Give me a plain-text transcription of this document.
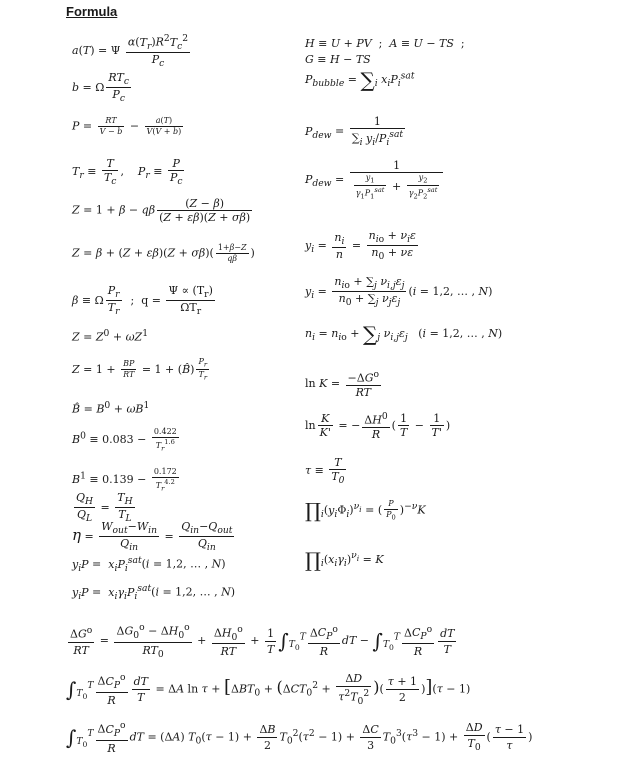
Formula
a(T) = Ψ $\frac{\alpha(T_r)R^2T_c^2}{P_c}$
b = Ω $\frac{RT_c}{P_c}$
$P = \frac{RT}{V - b} - \frac{a(T)}{V(V + b)}$
$T_r \equiv \frac{T}{T_c}$ ,    $P_r \equiv \frac{P}{P_c}$
Z = 1 + β − qβ $\frac{(Z - \beta)}{(Z + \varepsilon\beta)(Z + \sigma\beta)}$
$Z = \beta + (Z + \varepsilon\beta)(Z + \sigma\beta)( \frac{1+\beta-Z}{q\beta}$ )
β ≡ Ω $\frac{P_r}{T_r}$ ;  $q = \frac{\Psi \propto (T_r)}{\Omega T_r}$
$Z = Z^0 + \omega Z^1$
$Z = 1 + \frac{BP}{RT} = 1$ + (B̂) $\frac{P_r}{T_r}$
B̂ = $B^0 + \omega B^1$
$B^0 \equiv 0.083 - \frac{0.422}{T_r^{1.6}}$
$B^1 \equiv 0.139 - \frac{0.172}{T_r^{4.2}}$
$\frac{Q_H}{Q_L} = \frac{T_H}{T_L}$
$\eta = \frac{W_{out}-W_{in}}{Q_{in}} = \frac{Q_{in}-Q_{out}}{Q_{in}}$
$y_iP = x_iP_i^{sat}(i = 1,2$, … , N)
$y_iP = x_i\gamma_iP_i^{sat}(i = 1,2$, … , N)
H ≡ U + PV  ;  A ≡ U − TS  ;
G ≡ H − TS
$P_{bubble} = \sum_i$ $x_iP_i^{sat}$
$P_{dew} = \frac{1}{\sum_i y_i/P_i^{sat}}$
$P_{dew} = \frac{1}{\frac{y_1}{\gamma_1P_1^{sat}} + \frac{y_2}{\gamma_2P_2^{sat}}}$
$y_i = \frac{n_i}{n} = \frac{n_{io} + \nu_i\varepsilon}{n_0 + \nu\varepsilon}$
$y_i = \frac{n_{io} + \sum_j \nu_{i,j}\varepsilon_j}{n_0 + \sum_j \nu_j\varepsilon_j} (i = 1,2$, … , N)
$n_i = n_{io} + \sum_j$ $\nu_{i,j}\varepsilon_j$   (i = 1,2, … , N)
$\ln K = \frac{-\Delta G^o}{RT}$
$\ln \frac{K}{K'}$ = − $\frac{\Delta H^0}{R}$ ( $\frac{1}{T} - \frac{1}{T'}$ )
$\tau \equiv \frac{T}{T_0}$
$\prod_i(y_i\Phi_i)^{\nu_i}$ = ( $\frac{P}{P_0} )^{-\nu}K$
$\prod_i(x_i\gamma_i)^{\nu_i} = K$
$\frac{\Delta G^o}{RT} = \frac{\Delta G_0^o - \Delta H_0^o}{RT_0} + \frac{\Delta H_0^o}{RT} + \frac{1}{T} \int_{T_0}^T \frac{\Delta C_P^o}{R}$ dT − $\int_{T_0}^T \frac{\Delta C_P^o}{R} \frac{dT}{T}$
$\int_{T_0}^T \frac{\Delta C_P^o}{R} \frac{dT}{T} = \Delta A$ $\ln \tau + [\Delta BT_0 + (\Delta CT_0^2 + \frac{\Delta D}{\tau^2T_0^2}$ )( $\frac{\tau + 1}{2} )](\tau - 1)$
$\int_{T_0}^T \frac{\Delta C_P^o}{R}$ dT = (ΔA) $T_0(\tau - 1) + \frac{\Delta B}{2} T_0^2(\tau^2 - 1) + \frac{\Delta C}{3} T_0^3(\tau^3 - 1) + \frac{\Delta D}{T_0}$ ( $\frac{\tau - 1}{\tau}$ )
